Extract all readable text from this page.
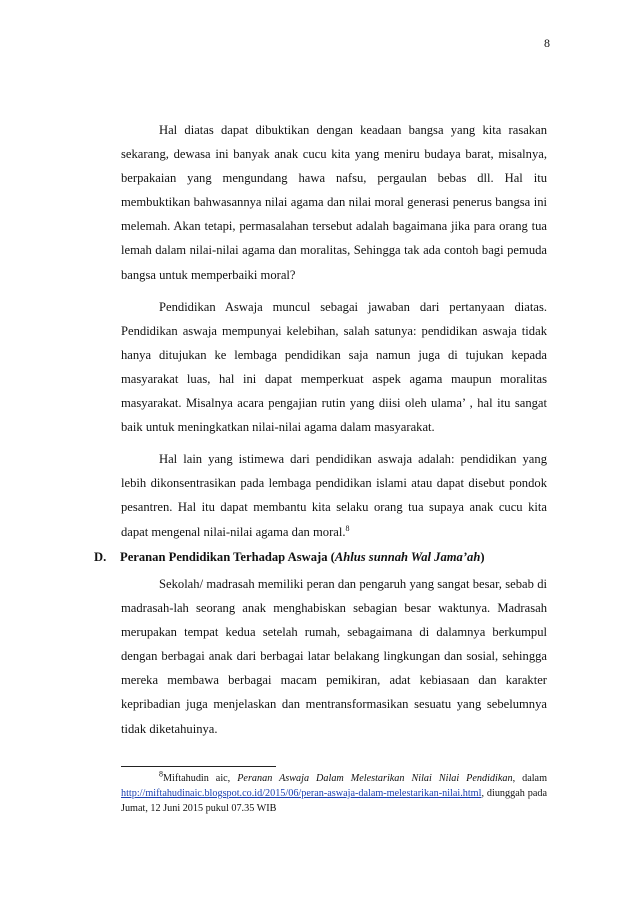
8

Hal diatas dapat dibuktikan dengan keadaan bangsa yang kita rasakan sekarang, dewasa ini banyak anak cucu kita yang meniru budaya barat, misalnya, berpakaian yang mengundang hawa nafsu, pergaulan bebas dll. Hal itu membuktikan bahwasannya nilai agama dan nilai moral generasi penerus bangsa ini melemah. Akan tetapi, permasalahan tersebut adalah bagaimana jika para orang tua lemah dalam nilai-nilai agama dan moralitas, Sehingga tak ada contoh bagi pemuda bangsa untuk memperbaiki moral?

Pendidikan Aswaja muncul sebagai jawaban dari pertanyaan diatas. Pendidikan aswaja mempunyai kelebihan, salah satunya: pendidikan aswaja tidak hanya ditujukan ke lembaga pendidikan saja namun juga di tujukan kepada masyarakat luas, hal ini dapat memperkuat aspek agama maupun moralitas masyarakat. Misalnya acara pengajian rutin yang diisi oleh ulama’ , hal itu sangat baik untuk meningkatkan nilai-nilai agama dalam masyarakat.

Hal lain yang istimewa dari pendidikan aswaja adalah: pendidikan yang lebih dikonsentrasikan pada lembaga pendidikan islami atau dapat disebut pondok pesantren. Hal itu dapat membantu kita selaku orang tua supaya anak cucu kita dapat mengenal nilai-nilai agama dan moral.$^8$

D. Peranan Pendidikan Terhadap Aswaja (Ahlus sunnah Wal Jama’ah)

Sekolah/ madrasah memiliki peran dan pengaruh yang sangat besar, sebab di madrasah-lah seorang anak menghabiskan sebagian besar waktunya. Madrasah merupakan tempat kedua setelah rumah, sebagaimana di dalamnya berkumpul dengan berbagai anak dari berbagai latar belakang lingkungan dan sosial, sehingga mereka membawa berbagai macam pemikiran, adat kebiasaan dan karakter kepribadian juga menjelaskan dan mentransformasikan sesuatu yang sebelumnya tidak diketahuinya.

$^8$Miftahudin aic, Peranan Aswaja Dalam Melestarikan Nilai Nilai Pendidikan, dalam http://miftahudinaic.blogspot.co.id/2015/06/peran-aswaja-dalam-melestarikan-nilai.html, diunggah pada Jumat, 12 Juni 2015 pukul 07.35 WIB
